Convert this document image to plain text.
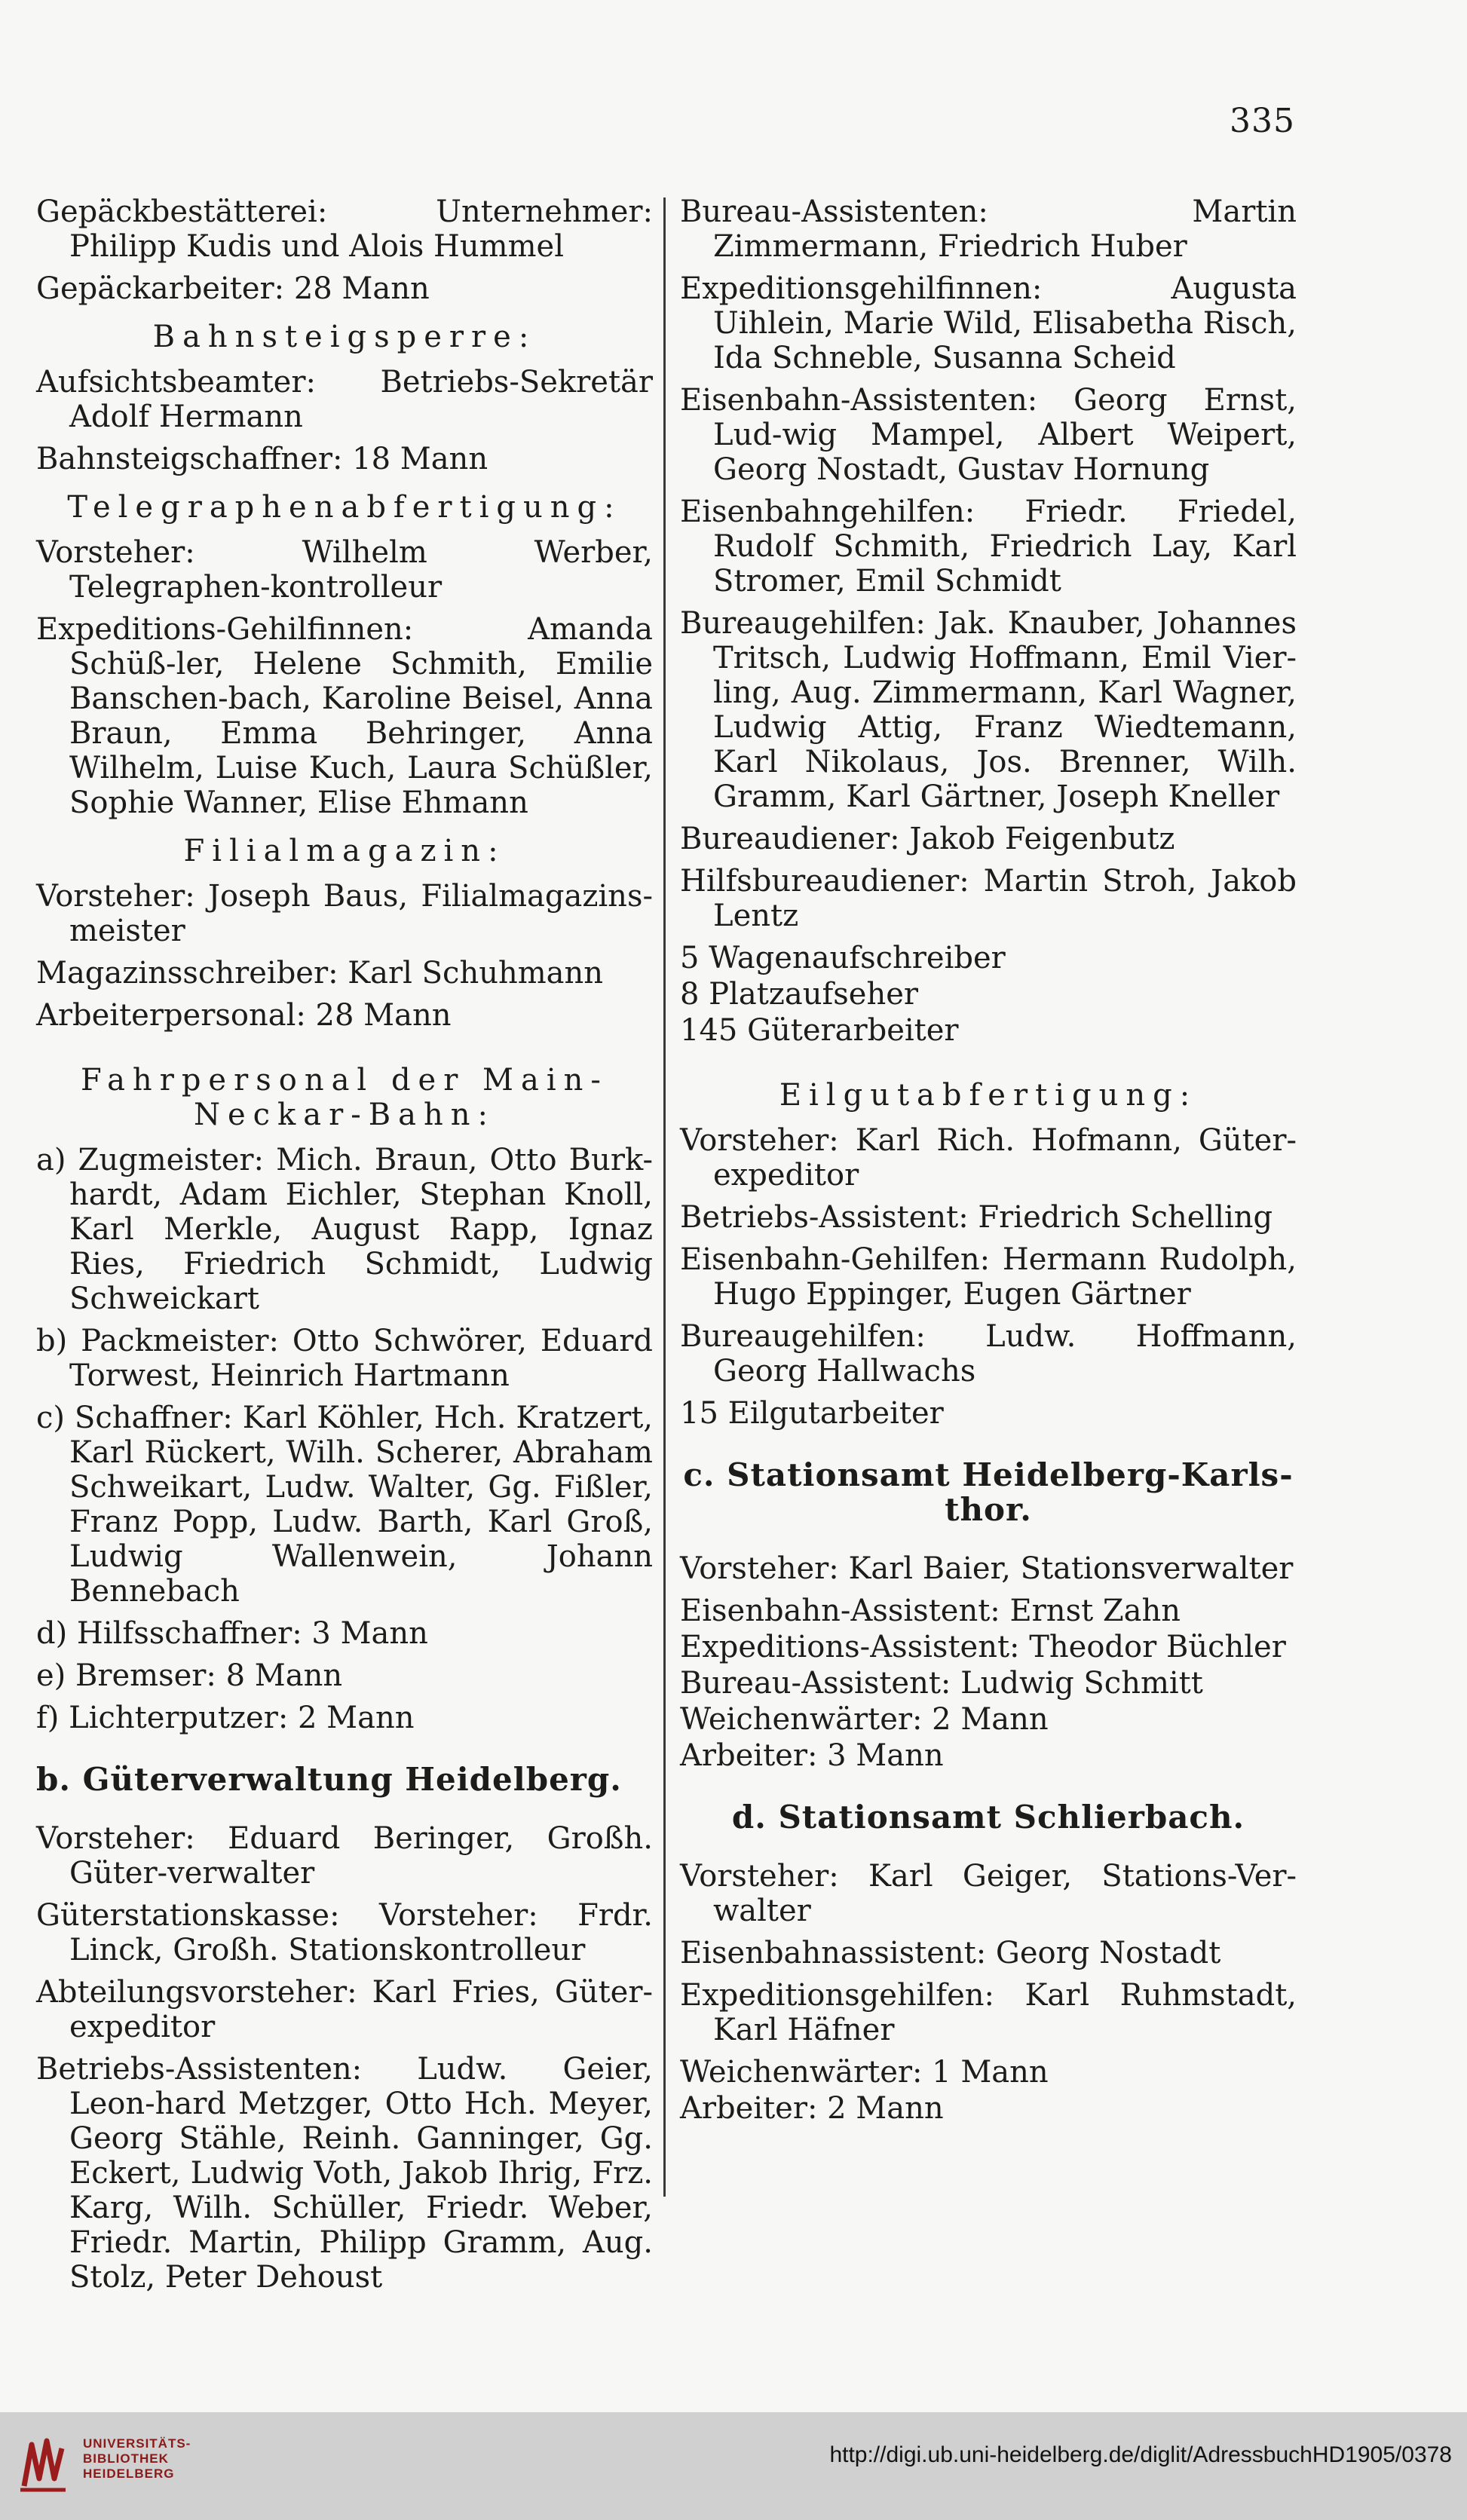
335

Gepäckbestätterei: Unternehmer: Philipp Kudis und Alois Hummel

Gepäckarbeiter: 28 Mann

Bahnsteigsperre:

Aufsichtsbeamter: Betriebs-Sekretär Adolf Hermann

Bahnsteigschaffner: 18 Mann

Telegraphenabfertigung:

Vorsteher: Wilhelm Werber, Telegraphen-kontrolleur

Expeditions-Gehilfinnen: Amanda Schüß-ler, Helene Schmith, Emilie Banschen-bach, Karoline Beisel, Anna Braun, Emma Behringer, Anna Wilhelm, Luise Kuch, Laura Schüßler, Sophie Wanner, Elise Ehmann

Filialmagazin:

Vorsteher: Joseph Baus, Filialmagazins-meister

Magazinsschreiber: Karl Schuhmann

Arbeiterpersonal: 28 Mann

Fahrpersonal der Main-Neckar-Bahn:

a) Zugmeister: Mich. Braun, Otto Burk-hardt, Adam Eichler, Stephan Knoll, Karl Merkle, August Rapp, Ignaz Ries, Friedrich Schmidt, Ludwig Schweickart

b) Packmeister: Otto Schwörer, Eduard Torwest, Heinrich Hartmann

c) Schaffner: Karl Köhler, Hch. Kratzert, Karl Rückert, Wilh. Scherer, Abraham Schweikart, Ludw. Walter, Gg. Fißler, Franz Popp, Ludw. Barth, Karl Groß, Ludwig Wallenwein, Johann Bennebach

d) Hilfsschaffner: 3 Mann

e) Bremser: 8 Mann

f) Lichterputzer: 2 Mann

b. Güterverwaltung Heidelberg.

Vorsteher: Eduard Beringer, Großh. Güter-verwalter

Güterstationskasse: Vorsteher: Frdr. Linck, Großh. Stationskontrolleur

Abteilungsvorsteher: Karl Fries, Güter-expeditor

Betriebs-Assistenten: Ludw. Geier, Leon-hard Metzger, Otto Hch. Meyer, Georg Stähle, Reinh. Ganninger, Gg. Eckert, Ludwig Voth, Jakob Ihrig, Frz. Karg, Wilh. Schüller, Friedr. Weber, Friedr. Martin, Philipp Gramm, Aug. Stolz, Peter Dehoust

Bureau-Assistenten: Martin Zimmermann, Friedrich Huber

Expeditionsgehilfinnen: Augusta Uihlein, Marie Wild, Elisabetha Risch, Ida Schneble, Susanna Scheid

Eisenbahn-Assistenten: Georg Ernst, Lud-wig Mampel, Albert Weipert, Georg Nostadt, Gustav Hornung

Eisenbahngehilfen: Friedr. Friedel, Rudolf Schmith, Friedrich Lay, Karl Stromer, Emil Schmidt

Bureaugehilfen: Jak. Knauber, Johannes Tritsch, Ludwig Hoffmann, Emil Vier-ling, Aug. Zimmermann, Karl Wagner, Ludwig Attig, Franz Wiedtemann, Karl Nikolaus, Jos. Brenner, Wilh. Gramm, Karl Gärtner, Joseph Kneller

Bureaudiener: Jakob Feigenbutz

Hilfsbureaudiener: Martin Stroh, Jakob Lentz

5 Wagenaufschreiber

8 Platzaufseher

145 Güterarbeiter

Eilgutabfertigung:

Vorsteher: Karl Rich. Hofmann, Güter-expeditor

Betriebs-Assistent: Friedrich Schelling

Eisenbahn-Gehilfen: Hermann Rudolph, Hugo Eppinger, Eugen Gärtner

Bureaugehilfen: Ludw. Hoffmann, Georg Hallwachs

15 Eilgutarbeiter

c. Stationsamt Heidelberg-Karls-thor.

Vorsteher: Karl Baier, Stationsverwalter

Eisenbahn-Assistent: Ernst Zahn

Expeditions-Assistent: Theodor Büchler

Bureau-Assistent: Ludwig Schmitt

Weichenwärter: 2 Mann

Arbeiter: 3 Mann

d. Stationsamt Schlierbach.

Vorsteher: Karl Geiger, Stations-Ver-walter

Eisenbahnassistent: Georg Nostadt

Expeditionsgehilfen: Karl Ruhmstadt, Karl Häfner

Weichenwärter: 1 Mann

Arbeiter: 2 Mann

UNIVERSITÄTS-
BIBLIOTHEK
HEIDELBERG
http://digi.ub.uni-heidelberg.de/diglit/AdressbuchHD1905/0378
